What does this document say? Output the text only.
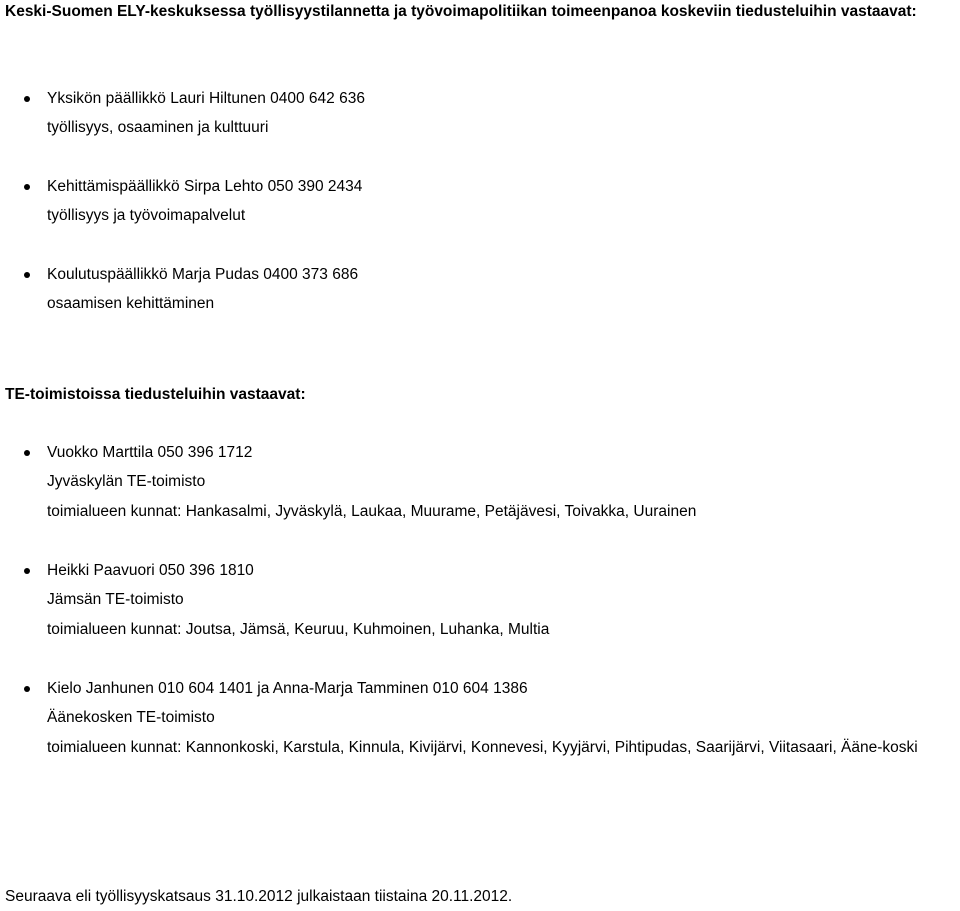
Keski-Suomen ELY-keskuksessa työllisyystilannetta ja työvoimapolitiikan toimeenpanoa koskeviin tiedusteluihin vastaavat:
Yksikön päällikkö Lauri Hiltunen 0400 642 636
työllisyys, osaaminen ja kulttuuri
Kehittämispäällikkö Sirpa Lehto 050 390 2434
työllisyys ja työvoimapalvelut
Koulutuspäällikkö Marja Pudas 0400 373 686
osaamisen kehittäminen
TE-toimistoissa tiedusteluihin vastaavat:
Vuokko Marttila 050 396 1712
Jyväskylän TE-toimisto
toimialueen kunnat: Hankasalmi, Jyväskylä, Laukaa, Muurame, Petäjävesi, Toivakka, Uurainen
Heikki Paavuori 050 396 1810
Jämsän TE-toimisto
toimialueen kunnat: Joutsa, Jämsä, Keuruu, Kuhmoinen, Luhanka, Multia
Kielo Janhunen 010 604 1401 ja Anna-Marja Tamminen 010 604 1386
Äänekosken TE-toimisto
toimialueen kunnat: Kannonkoski, Karstula, Kinnula, Kivijärvi, Konnevesi, Kyyjärvi, Pihtipudas, Saarijärvi, Viitasaari, Ääne-koski
Seuraava eli työllisyyskatsaus 31.10.2012 julkaistaan tiistaina 20.11.2012.
